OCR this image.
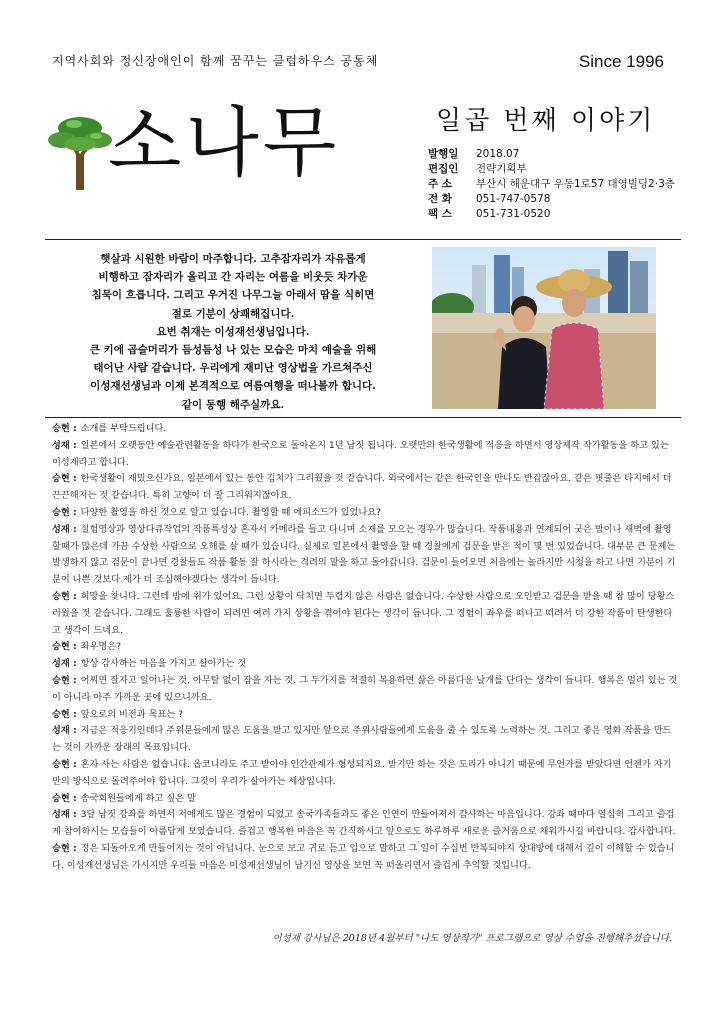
지역사회와 정신장애인이 함께 꿈꾸는 클럽하우스 공동체	Since 1996
소나무	일곱 번째 이야기
발행일 2018.07
편집인 전략기획부
주 소 부산시 해운대구 우동1로57 대영빌딩2·3층
전 화 051-747-0578
팩 스 051-731-0520
햇살과 시원한 바람이 마주합니다. 고추잠자리가 자유롭게
비행하고 잠자리가 올리고 간 자리는 여름을 비웃듯 차가운
침묵이 흐릅니다. 그리고 우거진 나무그늘 아래서 땀을 식히면
절로 기분이 상쾌해집니다.
요번 취재는 이성재선생님입니다.
큰 키에 곱슬머리가 듬성듬성 나 있는 모습은 마치 예술을 위해
태어난 사람 같습니다. 우리에게 재미난 영상법을 가르쳐주신
이성재선생님과 이제 본격적으로 여름여행을 떠나볼까 합니다.
같이 동행 해주실까요.
승현 : 소개를 부탁드립니다.
성재 : 일본에서 오랫동안 예술관련활동을 하다가 한국으로 돌아온지 1년 남짓 됩니다. 오랫만의 한국생활에 적응을 하면서 영상제작 작가활동을 하고 있는 이성재라고 합니다.
승현 : 한국생활이 재밌으신가요. 일본에서 있는 동안 김치가 그리웠을 것 같습니다. 외국에서는 같은 한국인을 만나도 반갑잖아요. 같은 핏줄은 타지에서 더 끈끈해지는 것 같습니다. 특히 고향이 더 잘 그리워지잖아요.
승현 : 다양한 촬영을 하신 것으로 알고 있습니다. 촬영할 때 에피소드가 있었나요?
성재 : 실험영상과 영상다큐작업의 작품특성상 혼자서 카메라를 들고 다니며 소재를 모으는 경우가 많습니다. 작품내용과 연계되어 굿은 밤이나 새벽에 촬영할때가 많은데 가끔 수상한 사람으로 오해를 살 때가 있습니다. 실제로 일본에서 촬영을 할 때 경찰에게 검문을 받은 적이 몇 번 있었습니다. 대부분 큰 문제는 발생하지 않고 검문이 끝나면 경찰들도 작품 활동 잘 하시라는 격려의 말을 하고 돌아갑니다. 검문이 들어오면 처음에는 놀라지만 시청을 하고 나면 기분이 기분이 나쁜 것보다 제가 더 조심해야겠다는 생각이 듭니다.
승현 : 희망을 찾니다. 그런데 밤에 취가 있어요. 그런 상황이 닥치면 두렵지 않은 사람은 없습니다. 수상한 사람으로 오인받고 검문을 받을 때 참 많이 당황스러웠을 것 같습니다. 그래도 훌륭한 사람이 되려면 여러 가지 상황을 겪어야 된다는 생각이 듭니다. 그 경험이 좌우를 떠나고 떠려서 더 강한 작품이 탄생한다고 생각이 드네요.
승현 : 좌우명은?
성재 : 항상 감사하는 마음을 가지고 살아가는 것
승현 : 어찌면 잘자고 일어나는 것, 아무탈 없이 잠을 자는 것. 그 두가지를 적절히 복용하면 삶은 아름다운 날개를 단다는 생각이 듭니다. 행복은 멀리 있는 것이 아니라 아주 가까운 곳에 있으니까요.
승현 : 앞으로의 비전과 목표는 ?
성재 : 지금은 적응기인데다 주위분들에게 많은 도움을 받고 있지만 앞으로 주위사람들에게 도움을 줄 수 있도록 노력하는 것. 그리고 좋은 영화 작품을 만드는 것이 가까운 장래의 목표입니다.
승현 : 혼자 사는 사람은 없습니다. 옵코니라도 주고 받아야 인간관계가 형성되지요. 받기만 하는 것은 도리가 아니기 때문에 무언가를 받았다면 언젠가 자기만의 방식으로 돌려주어야 합니다. 그것이 우리가 살아가는 세상입니다.
승현 : 송국회원들에게 하고 싶은 말
성재 : 3달 남짓 강좌를 하면서 저에게도 많은 경험이 되었고 송국가족들과도 좋은 인연이 만들어져서 감사하는 마음입니다. 강좌 때마다 열심히 그리고 즐겁게 참여하시는 모습들이 아름답게 보였습니다. 즐겁고 행복한 마음은 꼭 간직하시고 앞으로도 하루하루 새로운 즐거움으로 채워가시길 바랍니다. 감사합니다.
승현 : 정은 되돌아오게 만들어지는 것이 아닙니다. 눈으로 보고 귀로 듣고 입으로 말하고 그 일이 수십번 반복되야지 상대방에 대해서 깊이 이해할 수 있습니다. 이성재선생님은 가시지만 우리들 마음은 이성재선생님이 남기신 영상을 보면 꼭 떠올리면서 즐겁게 추억할 것입니다.
이성재 강사님은 2018년 4월부터 "나도 영상작가" 프로그램으로 영상 수업을 진행해주셨습니다.
